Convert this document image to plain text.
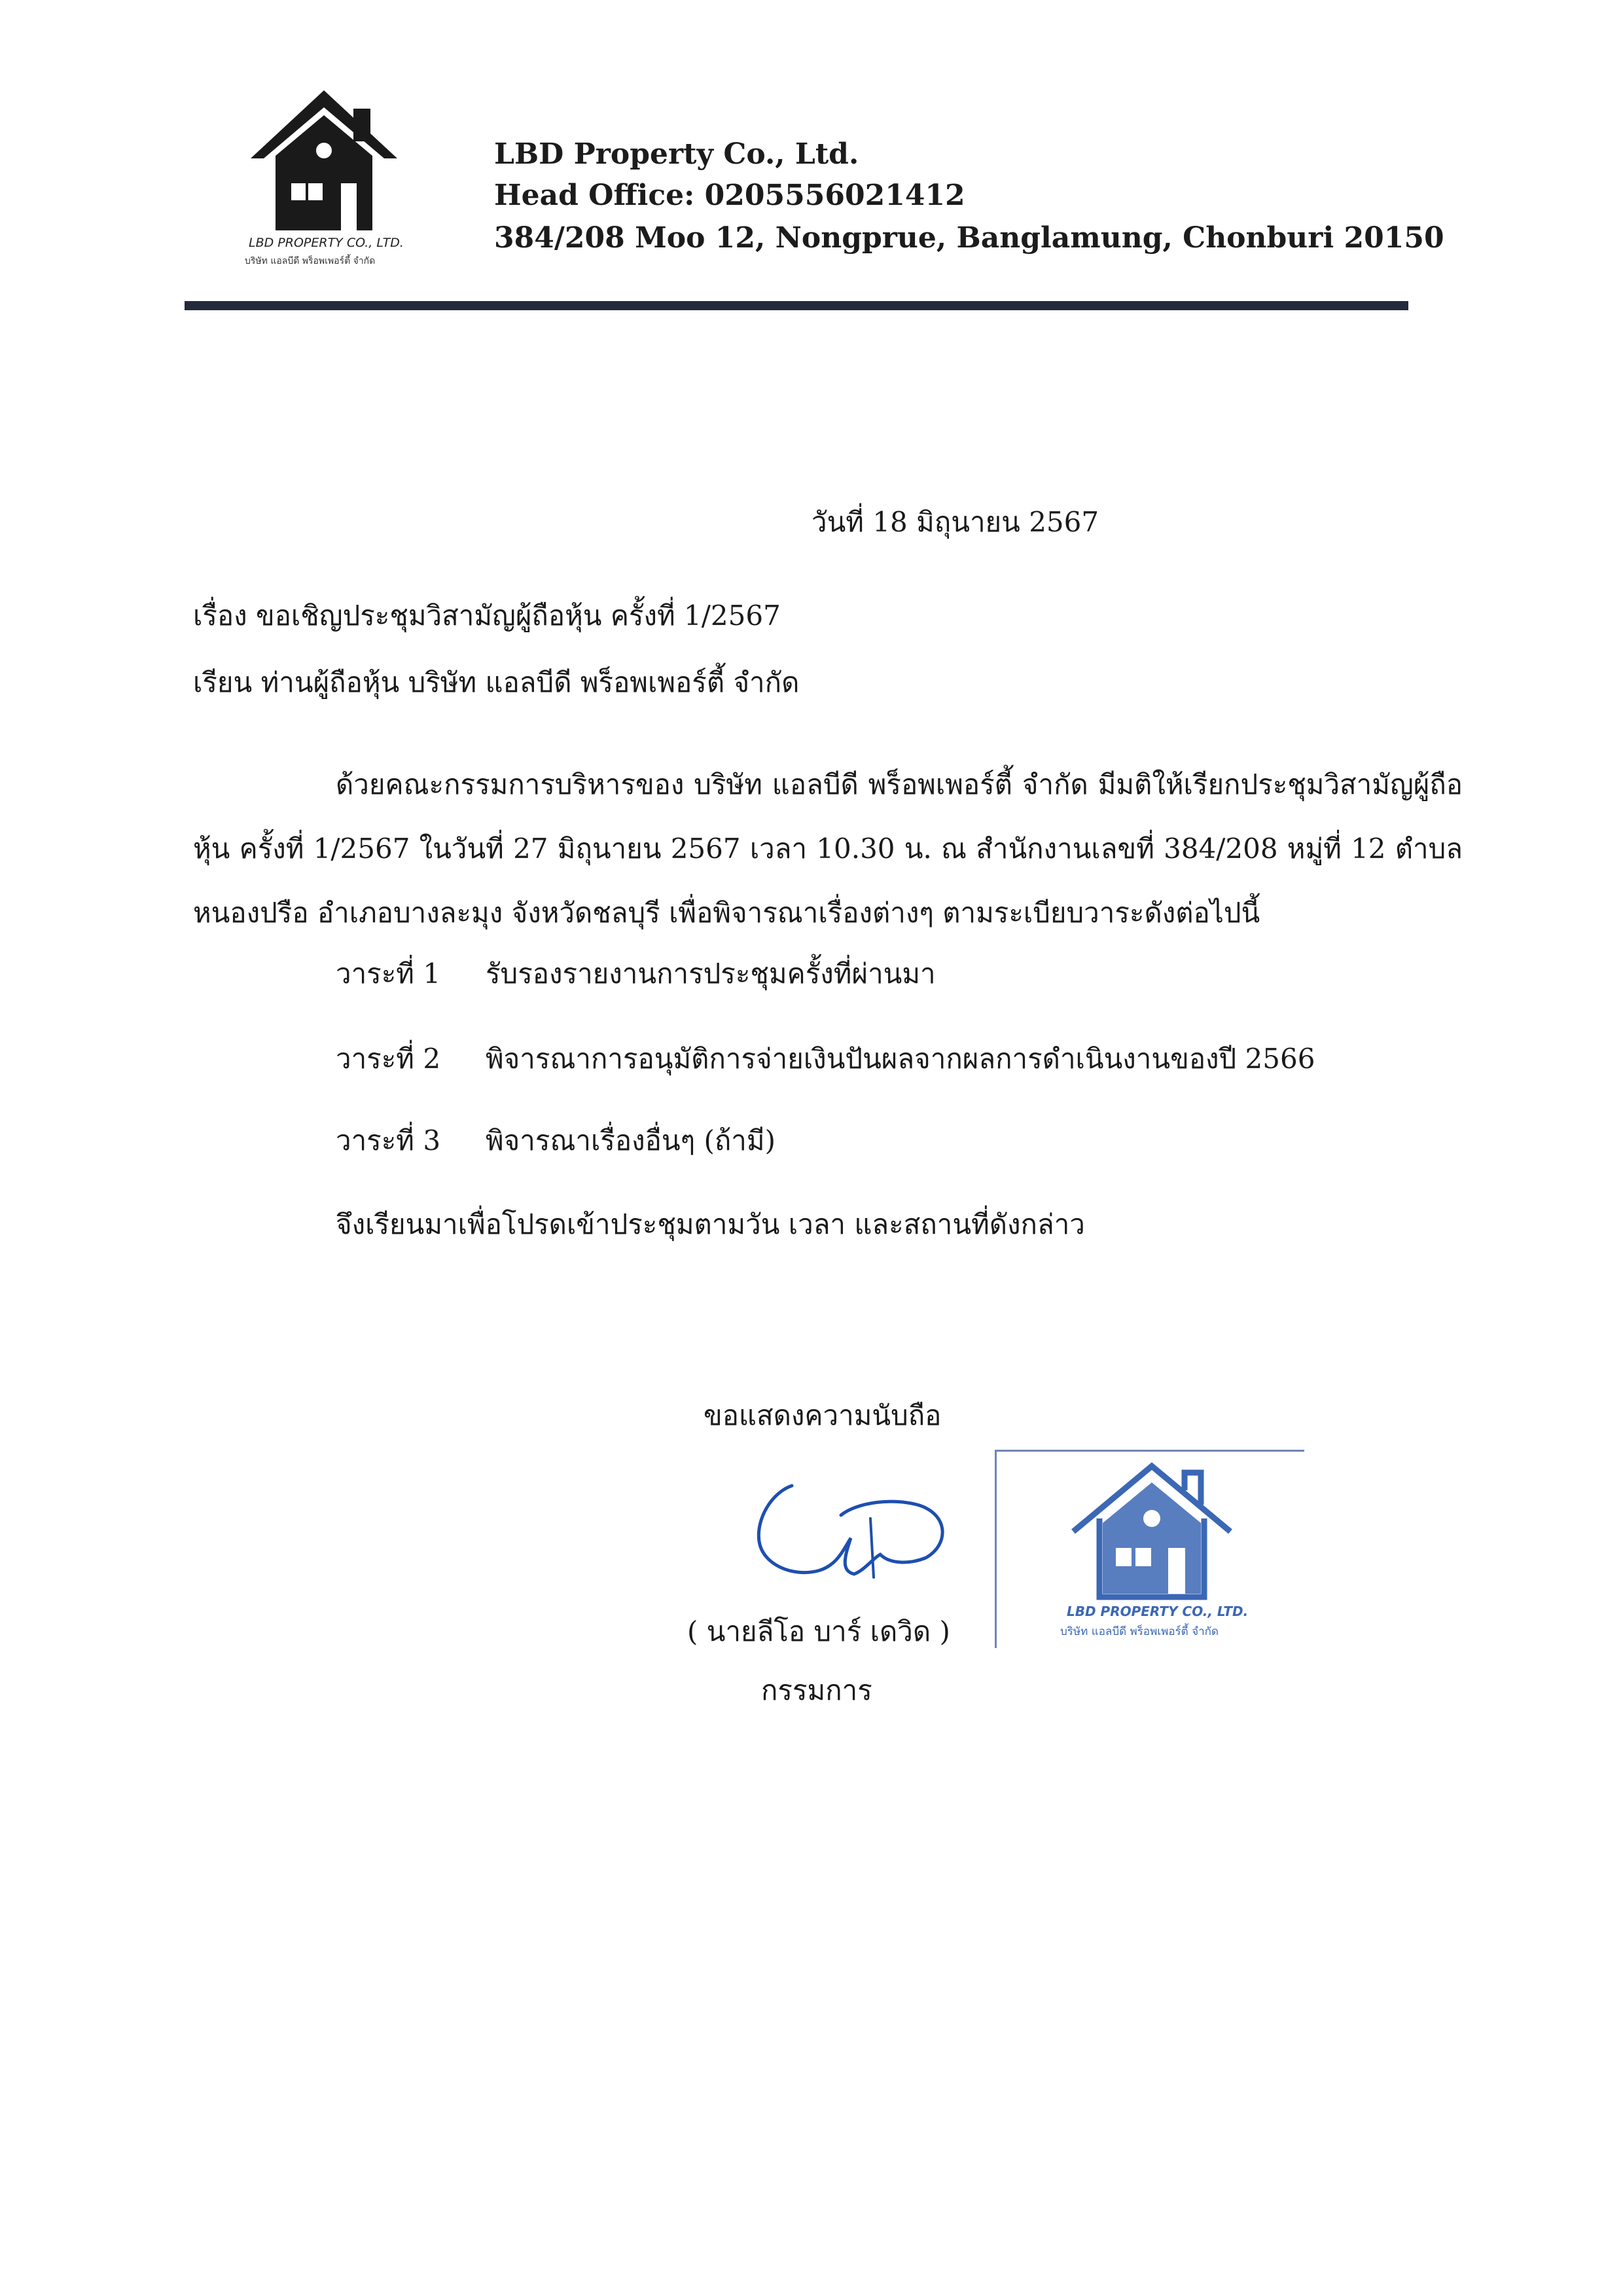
LBD PROPERTY CO., LTD.
บริษัท แอลบีดี พร็อพเพอร์ตี้ จำกัด
LBD Property Co., Ltd.
Head Office: 0205556021412
384/208 Moo 12, Nongprue, Banglamung, Chonburi 20150
วันที่ 18 มิถุนายน 2567
เรื่อง ขอเชิญประชุมวิสามัญผู้ถือหุ้น ครั้งที่ 1/2567
เรียน ท่านผู้ถือหุ้น บริษัท แอลบีดี พร็อพเพอร์ตี้ จำกัด
ด้วยคณะกรรมการบริหารของ บริษัท แอลบีดี พร็อพเพอร์ตี้ จำกัด มีมติให้เรียกประชุมวิสามัญผู้ถือหุ้น ครั้งที่ 1/2567 ในวันที่ 27 มิถุนายน 2567 เวลา 10.30 น. ณ สำนักงานเลขที่ 384/208 หมู่ที่ 12 ตำบลหนองปรือ อำเภอบางละมุง จังหวัดชลบุรี เพื่อพิจารณาเรื่องต่างๆ ตามระเบียบวาระดังต่อไปนี้
วาระที่ 1 รับรองรายงานการประชุมครั้งที่ผ่านมา
วาระที่ 2 พิจารณาการอนุมัติการจ่ายเงินปันผลจากผลการดำเนินงานของปี 2566
วาระที่ 3 พิจารณาเรื่องอื่นๆ (ถ้ามี)
จึงเรียนมาเพื่อโปรดเข้าประชุมตามวัน เวลา และสถานที่ดังกล่าว
ขอแสดงความนับถือ
( นายลีโอ บาร์ เดวิด )
กรรมการ
LBD PROPERTY CO., LTD.
บริษัท แอลบีดี พร็อพเพอร์ตี้ จำกัด
